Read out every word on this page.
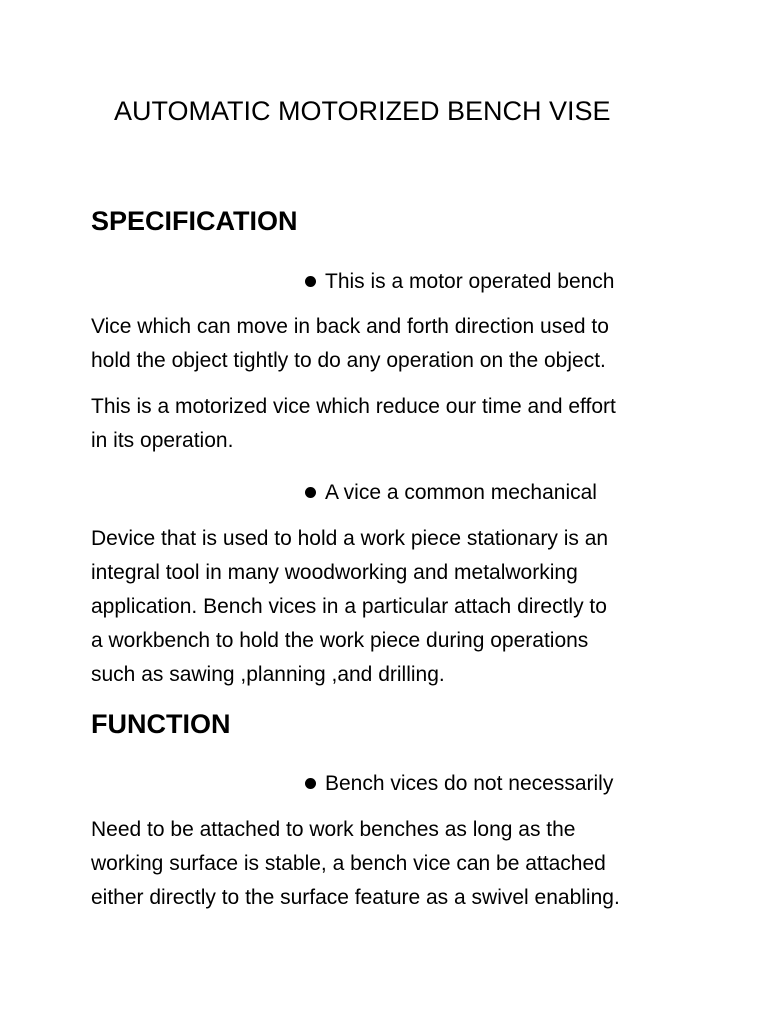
AUTOMATIC MOTORIZED BENCH VISE
SPECIFICATION
This is a motor operated bench
Vice which can move in back and forth direction used to
hold the object tightly to do any operation on the object.
This is a motorized vice which reduce our time and effort
in its operation.
A vice a common mechanical
Device that is used to hold a work piece stationary is an
integral tool in many woodworking and metalworking
application. Bench vices in a particular attach directly to
a workbench to hold the work piece during operations
such as sawing ,planning ,and drilling.
FUNCTION
Bench vices do not necessarily
Need to be attached to work benches as long as the
working surface is stable, a bench vice can be attached
either directly to the surface feature as a swivel enabling.
